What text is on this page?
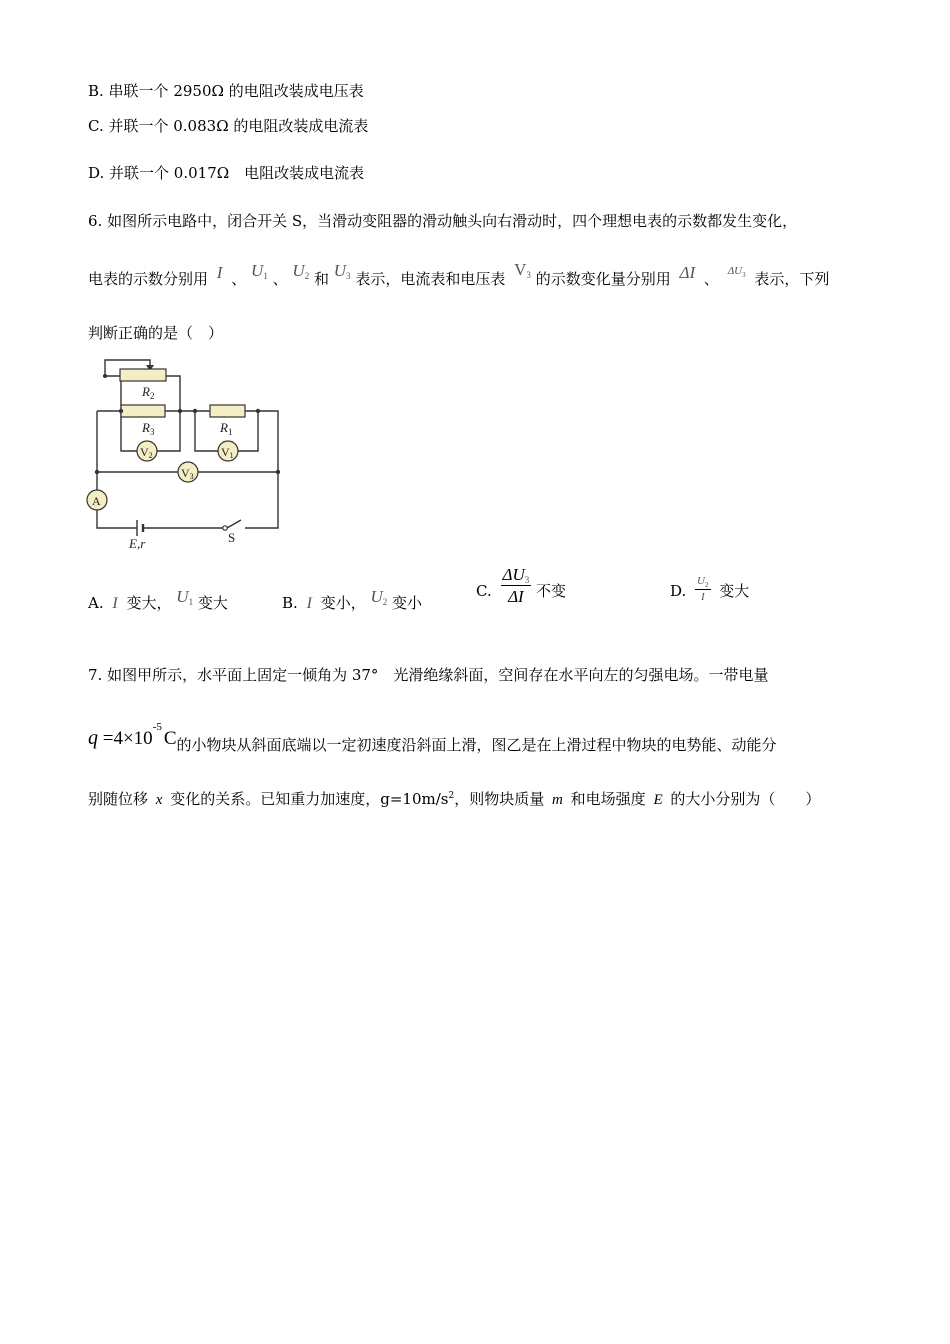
B. 串联一个 2950Ω 的电阻改装成电压表
C. 并联一个 0.083Ω 的电阻改装成电流表
D. 并联一个 0.017Ω　电阻改装成电流表
6. 如图所示电路中，闭合开关 S，当滑动变阻器的滑动触头向右滑动时，四个理想电表的示数都发生变化，
电表的示数分别用 I 、 U1 、 U2 和 U3 表示，电流表和电压表 V3 的示数变化量分别用 ΔI 、 $^{\Delta U_3}$ 表示，下列
判断正确的是（　）
$R_2$
$R_3$	$R_1$
V2	V1
V3
A
E,r	S
A. I 变大， U1 变大	B. I 变小， U2 变小
C. $\frac{\Delta U3}{\Delta I}$ 不变	D. $\frac{U_2}{I}$ 变大
7. 如图甲所示，水平面上固定一倾角为 37°　光滑绝缘斜面，空间存在水平向左的匀强电场。一带电量
$q =4\times 10^{-5}C$的小物块从斜面底端以一定初速度沿斜面上滑，图乙是在上滑过程中物块的电势能、动能分
别随位移 x 变化的关系。已知重力加速度，$g=10m/s^2$，则物块质量 m 和电场强度 E 的大小分别为（　　）
